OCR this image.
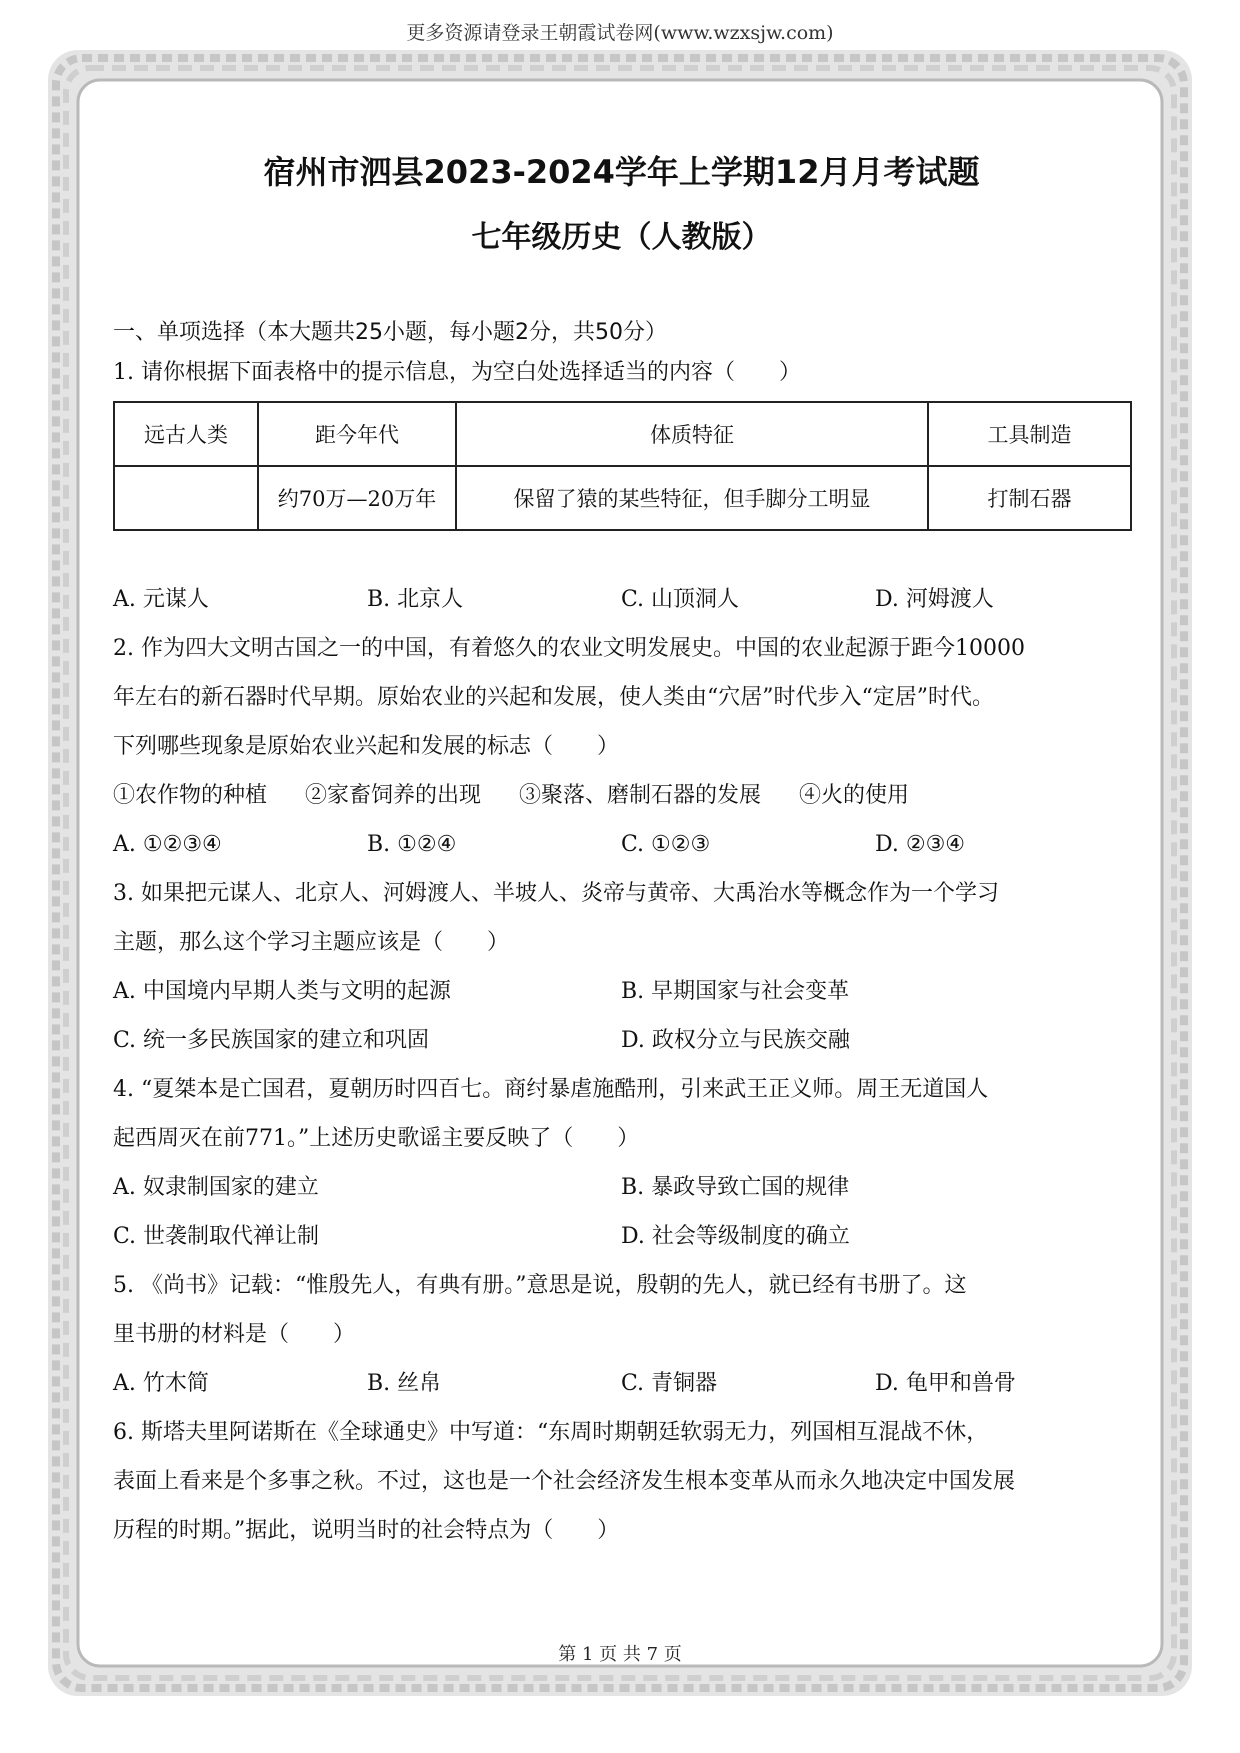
更多资源请登录王朝霞试卷网(www.wzxsjw.com)
宿州市泗县2023-2024学年上学期12月月考试题
七年级历史（人教版）
一、单项选择（本大题共25小题，每小题2分，共50分）
1. 请你根据下面表格中的提示信息，为空白处选择适当的内容（　　）
远古人类	距今年代	体质特征	工具制造
	约70万—20万年	保留了猿的某些特征，但手脚分工明显	打制石器
A. 元谋人	B. 北京人	C. 山顶洞人	D. 河姆渡人
2. 作为四大文明古国之一的中国，有着悠久的农业文明发展史。中国的农业起源于距今10000
年左右的新石器时代早期。原始农业的兴起和发展，使人类由“穴居”时代步入“定居”时代。
下列哪些现象是原始农业兴起和发展的标志（　　）
①农作物的种植 ②家畜饲养的出现 ③聚落、磨制石器的发展 ④火的使用
A. ①②③④	B. ①②④	C. ①②③	D. ②③④
3. 如果把元谋人、北京人、河姆渡人、半坡人、炎帝与黄帝、大禹治水等概念作为一个学习
主题，那么这个学习主题应该是（　　）
A. 中国境内早期人类与文明的起源	B. 早期国家与社会变革
C. 统一多民族国家的建立和巩固	D. 政权分立与民族交融
4. “夏桀本是亡国君，夏朝历时四百七。商纣暴虐施酷刑，引来武王正义师。周王无道国人
起西周灭在前771。”上述历史歌谣主要反映了（　　）
A. 奴隶制国家的建立	B. 暴政导致亡国的规律
C. 世袭制取代禅让制	D. 社会等级制度的确立
5. 《尚书》记载：“惟殷先人，有典有册。”意思是说，殷朝的先人，就已经有书册了。这
里书册的材料是（　　）
A. 竹木简	B. 丝帛	C. 青铜器	D. 龟甲和兽骨
6. 斯塔夫里阿诺斯在《全球通史》中写道：“东周时期朝廷软弱无力，列国相互混战不休，
表面上看来是个多事之秋。不过，这也是一个社会经济发生根本变革从而永久地决定中国发展
历程的时期。”据此，说明当时的社会特点为（　　）
第 1 页 共 7 页
